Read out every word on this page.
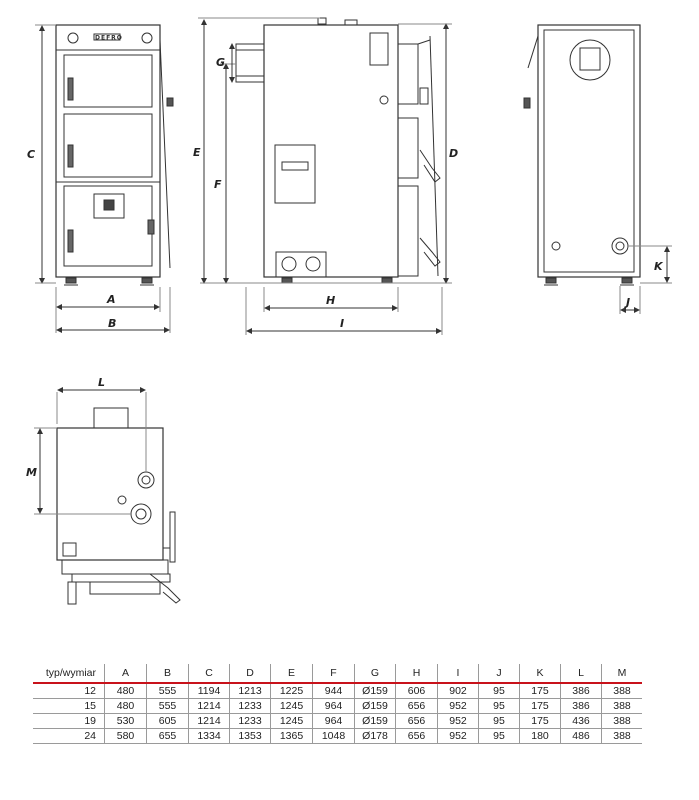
DEFRO
C
A
B
E
F
G
D
H
I
K
J
L
M
typ/wymiar	A	B	C	D	E	F	G	H	I	J	K	L	M
12	480	555	1194	1213	1225	944	Ø159	606	902	95	175	386	388
15	480	555	1214	1233	1245	964	Ø159	656	952	95	175	386	388
19	530	605	1214	1233	1245	964	Ø159	656	952	95	175	436	388
24	580	655	1334	1353	1365	1048	Ø178	656	952	95	180	486	388
